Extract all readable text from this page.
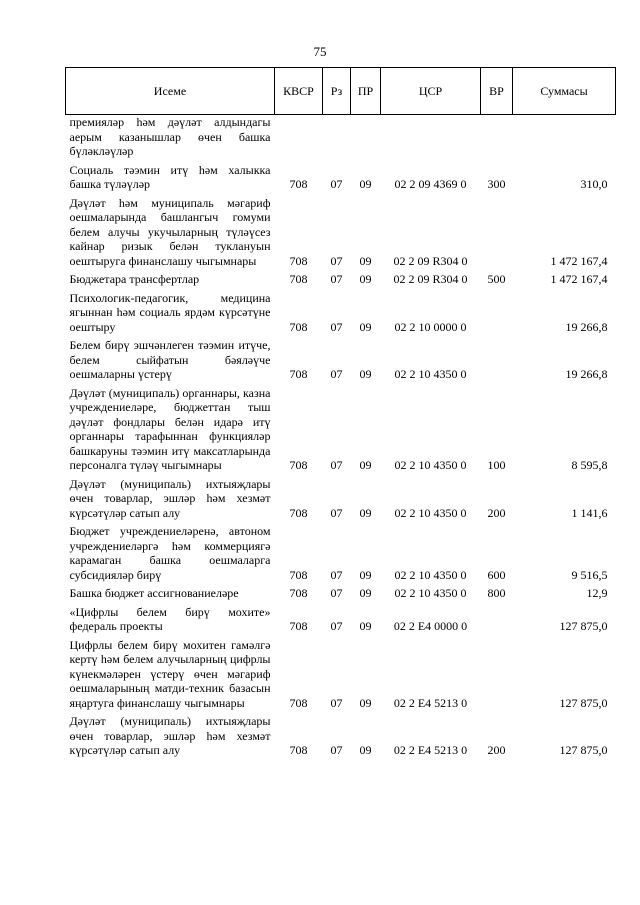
75
Исеме	КВСР	Рз	ПР	ЦСР	ВР	Суммасы
премияләр һәм дәүләт алдындагы аерым казанышлар өчен башка бүләкләүләр						
Социаль тәэмин итү һәм халыкка башка түләүләр	708	07	09	02 2 09 4369 0	300	310,0
Дәүләт һәм муниципаль мәгариф оешмаларында башлангыч гомуми белем алучы укучыларның түләүсез кайнар ризык белән туклануын оештыруга финанслашу чыгымнары	708	07	09	02 2 09 R304 0		1 472 167,4
Бюджетара трансфертлар	708	07	09	02 2 09 R304 0	500	1 472 167,4
Психологик-педагогик, медицина ягыннан һәм социаль ярдәм күрсәтүне оештыру	708	07	09	02 2 10 0000 0		19 266,8
Белем бирү эшчәнлеген тәэмин итүче, белем сыйфатын бәяләүче оешмаларны үстерү	708	07	09	02 2 10 4350 0		19 266,8
Дәүләт (муниципаль) органнары, казна учреждениеләре, бюджеттан тыш дәүләт фондлары белән идарә итү органнары тарафыннан функцияләр башкаруны тәэмин итү максатларында персоналга түләү чыгымнары	708	07	09	02 2 10 4350 0	100	8 595,8
Дәүләт (муниципаль) ихтыяҗлары өчен товарлар, эшләр һәм хезмәт күрсәтүләр сатып алу	708	07	09	02 2 10 4350 0	200	1 141,6
Бюджет учреждениеләренә, автоном учреждениеләргә һәм коммерциягә карамаган башка оешмаларга субсидияләр бирү	708	07	09	02 2 10 4350 0	600	9 516,5
Башка бюджет ассигнованиеләре	708	07	09	02 2 10 4350 0	800	12,9
«Цифрлы белем бирү мохите» федераль проекты	708	07	09	02 2 E4 0000 0		127 875,0
Цифрлы белем бирү мохитен гамәлгә кертү һәм белем алучыларның цифрлы күнекмәләрен үстерү өчен мәгариф оешмаларының матди-техник базасын яңартуга финанслашу чыгымнары	708	07	09	02 2 E4 5213 0		127 875,0
Дәүләт (муниципаль) ихтыяҗлары өчен товарлар, эшләр һәм хезмәт күрсәтүләр сатып алу	708	07	09	02 2 E4 5213 0	200	127 875,0
